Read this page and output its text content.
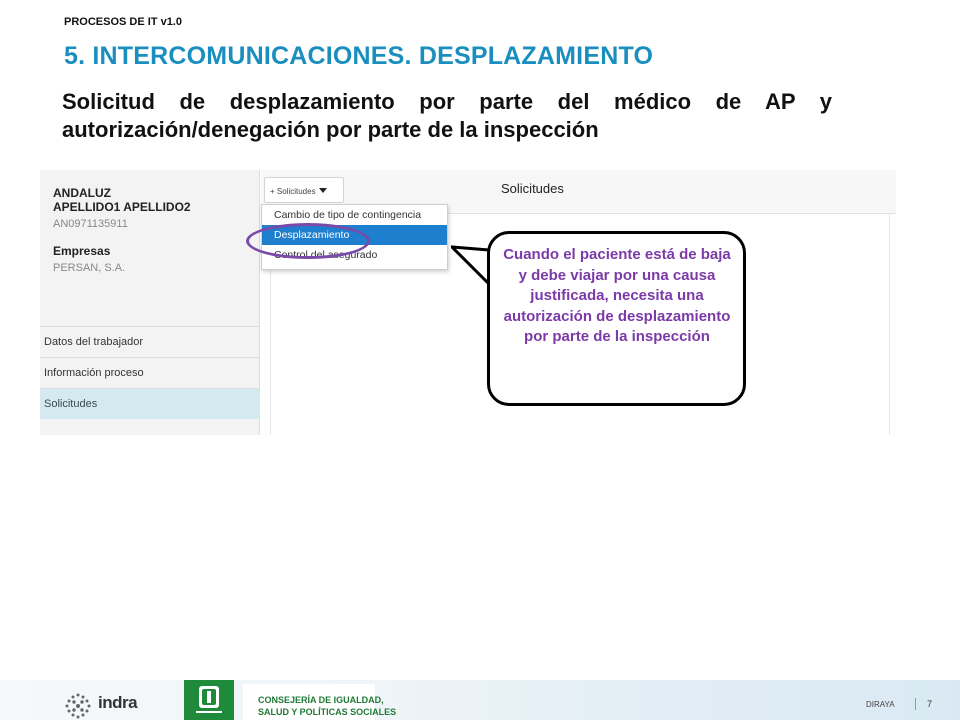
PROCESOS DE IT v1.0
5. INTERCOMUNICACIONES. DESPLAZAMIENTO
Solicitud de desplazamiento por parte del médico de AP y autorización/denegación por parte de la inspección
ANDALUZ
APELLIDO1 APELLIDO2
AN0971135911
Empresas
PERSAN, S.A.
Datos del trabajador
Información proceso
Solicitudes
+ Solicitudes	Solicitudes
Cambio de tipo de contingencia
Desplazamiento
Control del asegurado	Cuando el paciente está de baja y debe viajar por una causa justificada, necesita una autorización de desplazamiento por parte de la inspección
indra	CONSEJERÍA DE IGUALDAD,
SALUD Y POLÍTICAS SOCIALES
DIRAYA	7
